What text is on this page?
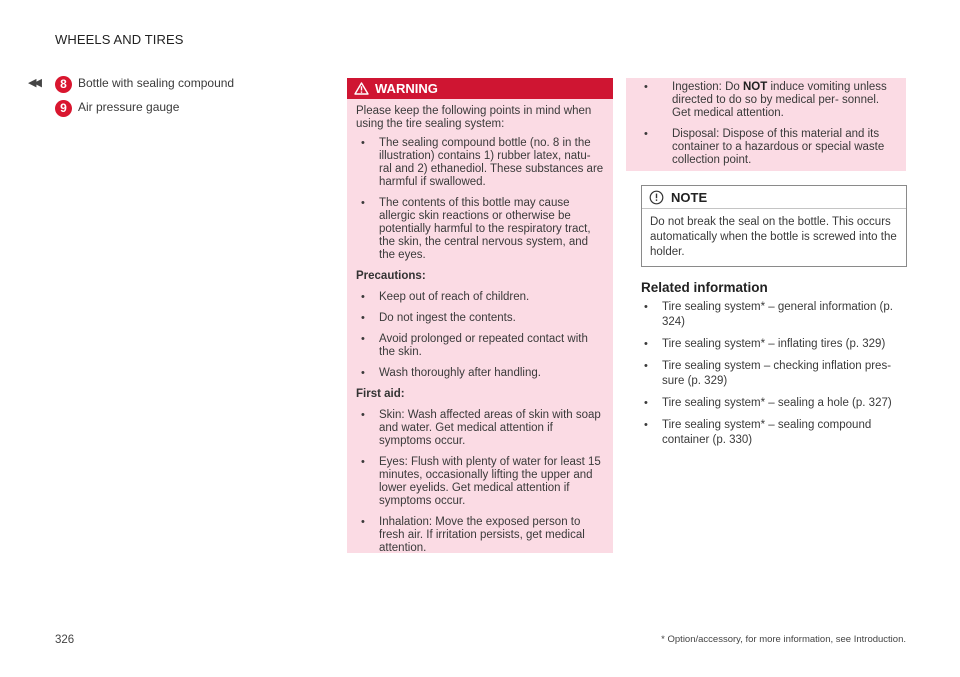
◀◀
WHEELS AND TIRES
8 Bottle with sealing compound
9 Air pressure gauge
WARNING

Please keep the following points in mind when using the tire sealing system:

• The sealing compound bottle (no. 8 in the illustration) contains 1) rubber latex, natu- ral and 2) ethanediol. These substances are harmful if swallowed.
• The contents of this bottle may cause allergic skin reactions or otherwise be potentially harmful to the respiratory tract, the skin, the central nervous system, and the eyes.
Precautions:
• Keep out of reach of children.
• Do not ingest the contents.
• Avoid prolonged or repeated contact with the skin.
• Wash thoroughly after handling.
First aid:
• Skin: Wash affected areas of skin with soap and water. Get medical attention if symptoms occur.
• Eyes: Flush with plenty of water for least 15 minutes, occasionally lifting the upper and lower eyelids. Get medical attention if symptoms occur.
• Inhalation: Move the exposed person to fresh air. If irritation persists, get medical attention.
• Ingestion: Do NOT induce vomiting unless directed to do so by medical per- sonnel. Get medical attention.
• Disposal: Dispose of this material and its container to a hazardous or special waste collection point.
NOTE
Do not break the seal on the bottle. This occurs automatically when the bottle is screwed into the holder.
Related information
• Tire sealing system* – general information (p. 324)
• Tire sealing system* – inflating tires (p. 329)
• Tire sealing system – checking inflation pres- sure (p. 329)
• Tire sealing system* – sealing a hole (p. 327)
• Tire sealing system* – sealing compound container (p. 330)
326	* Option/accessory, for more information, see Introduction.
